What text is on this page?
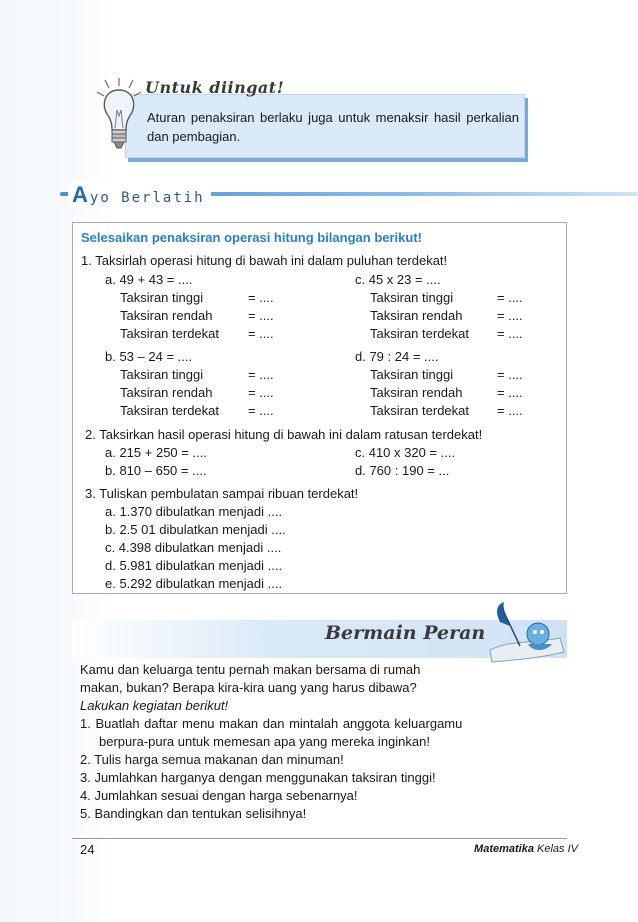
Untuk diingat!
Aturan penaksiran berlaku juga untuk menaksir hasil perkalian dan pembagian.
Ayo Berlatih
Selesaikan penaksiran operasi hitung bilangan berikut!
1. Taksirlah operasi hitung di bawah ini dalam puluhan terdekat!
a. 49 + 43 = ....
Taksiran tinggi	= ....
Taksiran rendah	= ....
Taksiran terdekat = ....
c. 45 x 23 = ....
Taksiran tinggi	= ....
Taksiran rendah	= ....
Taksiran terdekat = ....
b. 53 – 24 = ....
Taksiran tinggi	= ....
Taksiran rendah	= ....
Taksiran terdekat = ....
d. 79 : 24 = ....
Taksiran tinggi	= ....
Taksiran rendah	= ....
Taksiran terdekat = ....
2. Taksirkan hasil operasi hitung di bawah ini dalam ratusan terdekat!
a. 215 + 250 = ....	c. 410 x 320 = ....
b. 810 – 650 = ....	d. 760 : 190 = ...
3. Tuliskan pembulatan sampai ribuan terdekat!
a. 1.370 dibulatkan menjadi ....
b. 2.5 01 dibulatkan menjadi ....
c. 4.398 dibulatkan menjadi ....
d. 5.981 dibulatkan menjadi ....
e. 5.292 dibulatkan menjadi ....
Bermain Peran
Kamu dan keluarga tentu pernah makan bersama di rumah
makan, bukan? Berapa kira-kira uang yang harus dibawa?
Lakukan kegiatan berikut!
1. Buatlah daftar menu makan dan mintalah anggota keluargamu
berpura-pura untuk memesan apa yang mereka inginkan!
2. Tulis harga semua makanan dan minuman!
3. Jumlahkan harganya dengan menggunakan taksiran tinggi!
4. Jumlahkan sesuai dengan harga sebenarnya!
5. Bandingkan dan tentukan selisihnya!
24	Matematika Kelas IV
